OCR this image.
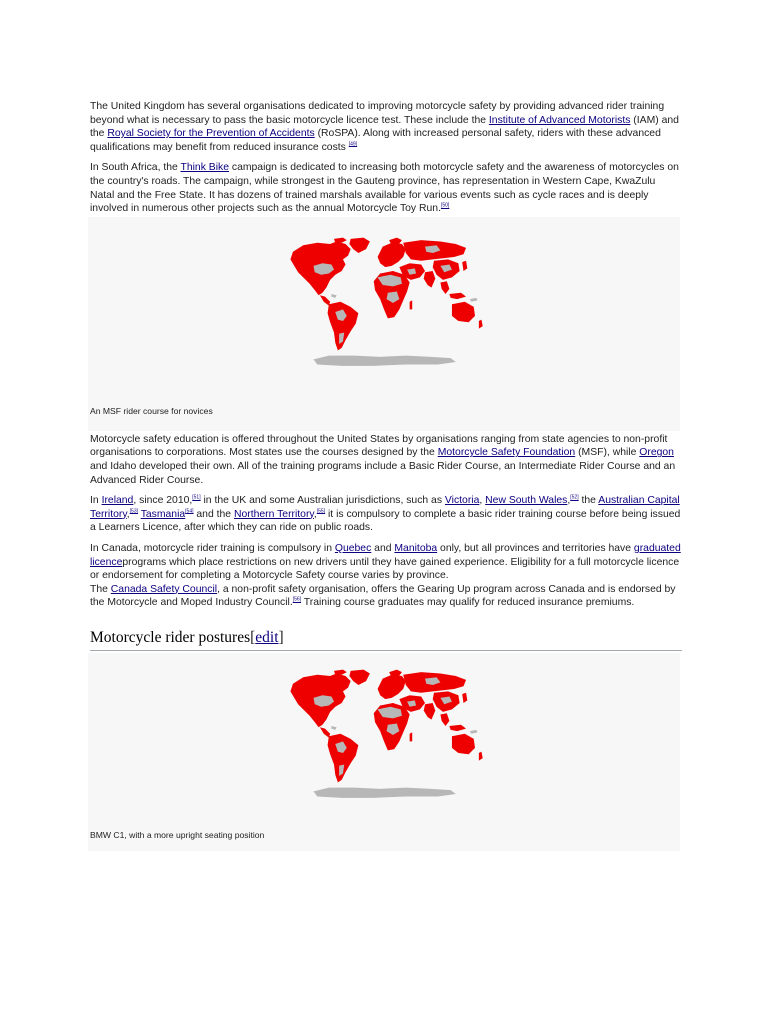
The United Kingdom has several organisations dedicated to improving motorcycle safety by providing advanced rider training beyond what is necessary to pass the basic motorcycle licence test. These include the Institute of Advanced Motorists (IAM) and the Royal Society for the Prevention of Accidents (RoSPA). Along with increased personal safety, riders with these advanced qualifications may benefit from reduced insurance costs [49]

In South Africa, the Think Bike campaign is dedicated to increasing both motorcycle safety and the awareness of motorcycles on the country's roads. The campaign, while strongest in the Gauteng province, has representation in Western Cape, KwaZulu Natal and the Free State. It has dozens of trained marshals available for various events such as cycle races and is deeply involved in numerous other projects such as the annual Motorcycle Toy Run.[50]

An MSF rider course for novices

Motorcycle safety education is offered throughout the United States by organisations ranging from state agencies to non-profit organisations to corporations. Most states use the courses designed by the Motorcycle Safety Foundation (MSF), while Oregon and Idaho developed their own. All of the training programs include a Basic Rider Course, an Intermediate Rider Course and an Advanced Rider Course.

In Ireland, since 2010,[51] in the UK and some Australian jurisdictions, such as Victoria, New South Wales,[52] the Australian Capital Territory,[53] Tasmania[54] and the Northern Territory,[55] it is compulsory to complete a basic rider training course before being issued a Learners Licence, after which they can ride on public roads.

In Canada, motorcycle rider training is compulsory in Quebec and Manitoba only, but all provinces and territories have graduated licenceprograms which place restrictions on new drivers until they have gained experience. Eligibility for a full motorcycle licence or endorsement for completing a Motorcycle Safety course varies by province.
The Canada Safety Council, a non-profit safety organisation, offers the Gearing Up program across Canada and is endorsed by the Motorcycle and Moped Industry Council.[56] Training course graduates may qualify for reduced insurance premiums.

Motorcycle rider postures[edit]
BMW C1, with a more upright seating position
